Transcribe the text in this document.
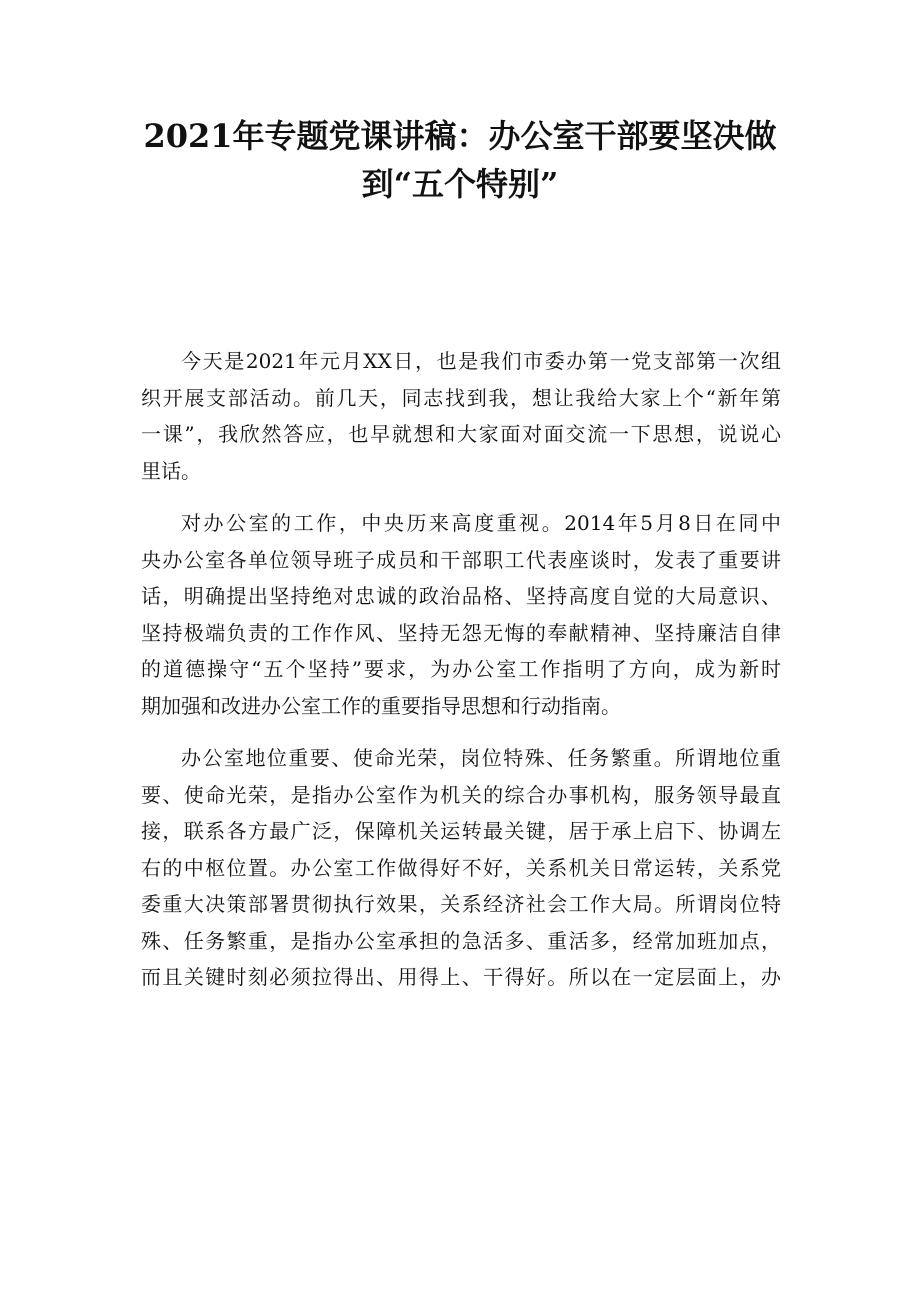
2021年专题党课讲稿：办公室干部要坚决做
到“五个特别”

今天是2021年元月XX日，也是我们市委办第一党支部第一次组
织开展支部活动。前几天，同志找到我，想让我给大家上个“新年第
一课”，我欣然答应，也早就想和大家面对面交流一下思想，说说心
里话。

对办公室的工作，中央历来高度重视。2014年5月8日在同中
央办公室各单位领导班子成员和干部职工代表座谈时，发表了重要讲
话，明确提出坚持绝对忠诚的政治品格、坚持高度自觉的大局意识、
坚持极端负责的工作作风、坚持无怨无悔的奉献精神、坚持廉洁自律
的道德操守“五个坚持”要求，为办公室工作指明了方向，成为新时
期加强和改进办公室工作的重要指导思想和行动指南。

办公室地位重要、使命光荣，岗位特殊、任务繁重。所谓地位重
要、使命光荣，是指办公室作为机关的综合办事机构，服务领导最直
接，联系各方最广泛，保障机关运转最关键，居于承上启下、协调左
右的中枢位置。办公室工作做得好不好，关系机关日常运转，关系党
委重大决策部署贯彻执行效果，关系经济社会工作大局。所谓岗位特
殊、任务繁重，是指办公室承担的急活多、重活多，经常加班加点，
而且关键时刻必须拉得出、用得上、干得好。所以在一定层面上，办
